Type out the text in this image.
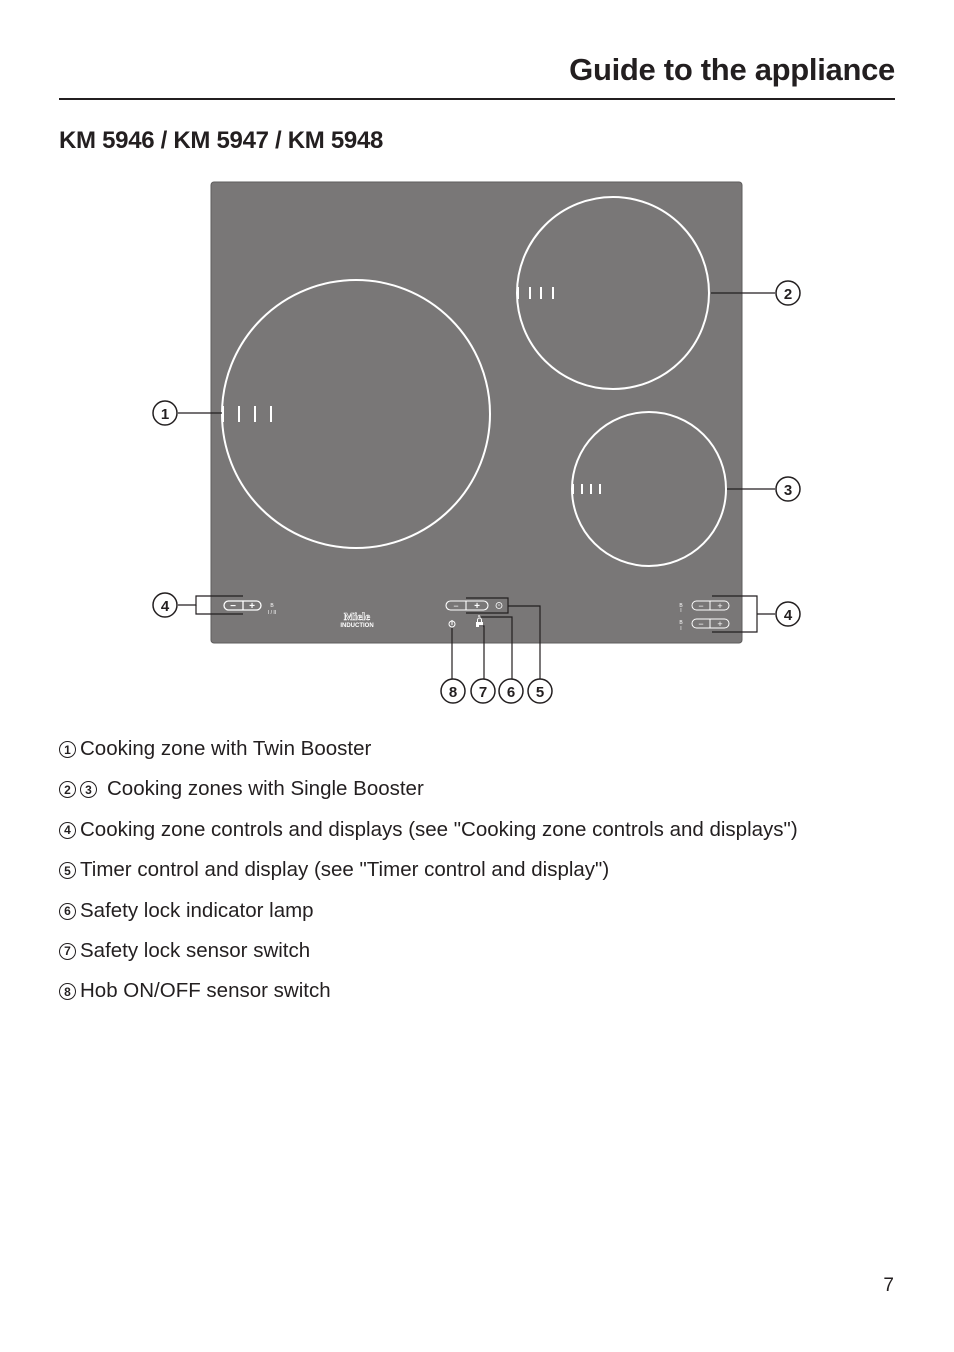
Guide to the appliance
KM 5946 / KM 5947 / KM 5948
− +	B
I / II	Miele
INDUCTION
− +	B
I − +
B
I − +
1
2
3
4
4
8 7 6 5
1 Cooking zone with Twin Booster
2	3 Cooking zones with Single Booster
4 Cooking zone controls and displays (see "Cooking zone controls and displays")
5 Timer control and display (see "Timer control and display")
6 Safety lock indicator lamp
7 Safety lock sensor switch
8 Hob ON/OFF sensor switch
7
